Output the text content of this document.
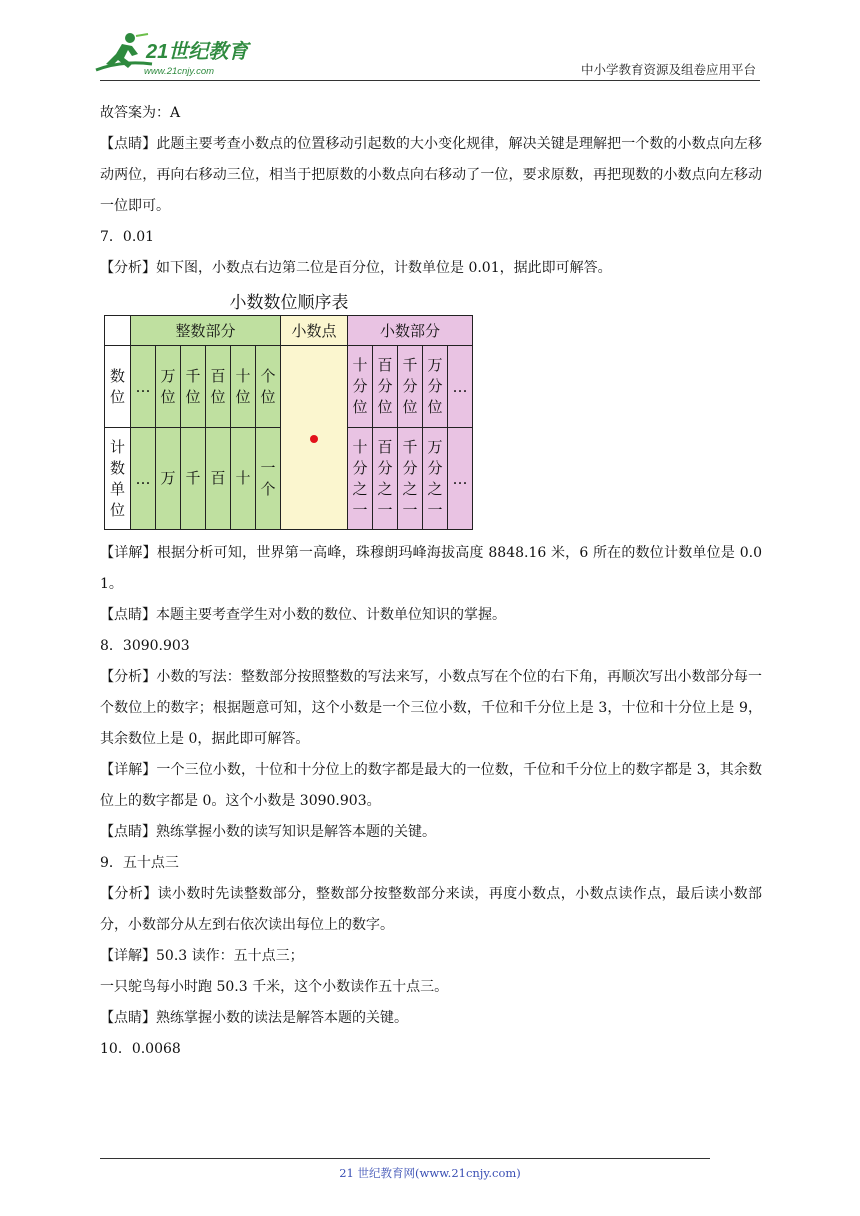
21世纪教育
www.21cnjy.com	中小学教育资源及组卷应用平台

故答案为：A

【点睛】此题主要考查小数点的位置移动引起数的大小变化规律，解决关键是理解把一个数的小数点向左移动两位，再向右移动三位，相当于把原数的小数点向右移动了一位，要求原数，再把现数的小数点向左移动一位即可。

7．0.01

【分析】如下图，小数点右边第二位是百分位，计数单位是 0.01，据此即可解答。

小数数位顺序表
	整数部分						小数点	小数部分				
数位	…	万位	千位	百位	十位	个位		十分位	百分位	千分位	万分位	…
计数单位	…	万	千	百	十	一个		十分之一	百分之一	千分之一	万分之一	…

【详解】根据分析可知，世界第一高峰，珠穆朗玛峰海拔高度 8848.16 米，6 所在的数位计数单位是 0.01。

【点睛】本题主要考查学生对小数的数位、计数单位知识的掌握。

8．3090.903

【分析】小数的写法：整数部分按照整数的写法来写，小数点写在个位的右下角，再顺次写出小数部分每一个数位上的数字；根据题意可知，这个小数是一个三位小数，千位和千分位上是 3，十位和十分位上是 9，其余数位上是 0，据此即可解答。

【详解】一个三位小数，十位和十分位上的数字都是最大的一位数，千位和千分位上的数字都是 3，其余数位上的数字都是 0。这个小数是 3090.903。

【点睛】熟练掌握小数的读写知识是解答本题的关键。

9．五十点三

【分析】读小数时先读整数部分，整数部分按整数部分来读，再度小数点，小数点读作点，最后读小数部分，小数部分从左到右依次读出每位上的数字。

【详解】50.3 读作：五十点三；

一只鸵鸟每小时跑 50.3 千米，这个小数读作五十点三。

【点睛】熟练掌握小数的读法是解答本题的关键。

10．0.0068

21 世纪教育网(www.21cnjy.com)
